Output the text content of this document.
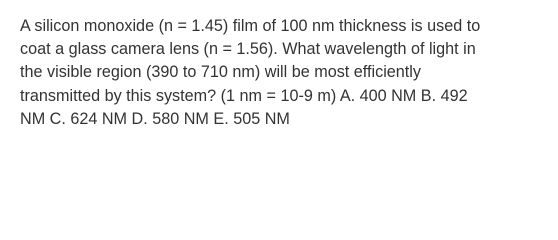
A silicon monoxide (n = 1.45) film of 100 nm thickness is used to
coat a glass camera lens (n = 1.56). What wavelength of light in
the visible region (390 to 710 nm) will be most efficiently
transmitted by this system? (1 nm = 10-9 m) A. 400 NM B. 492
NM C. 624 NM D. 580 NM E. 505 NM
